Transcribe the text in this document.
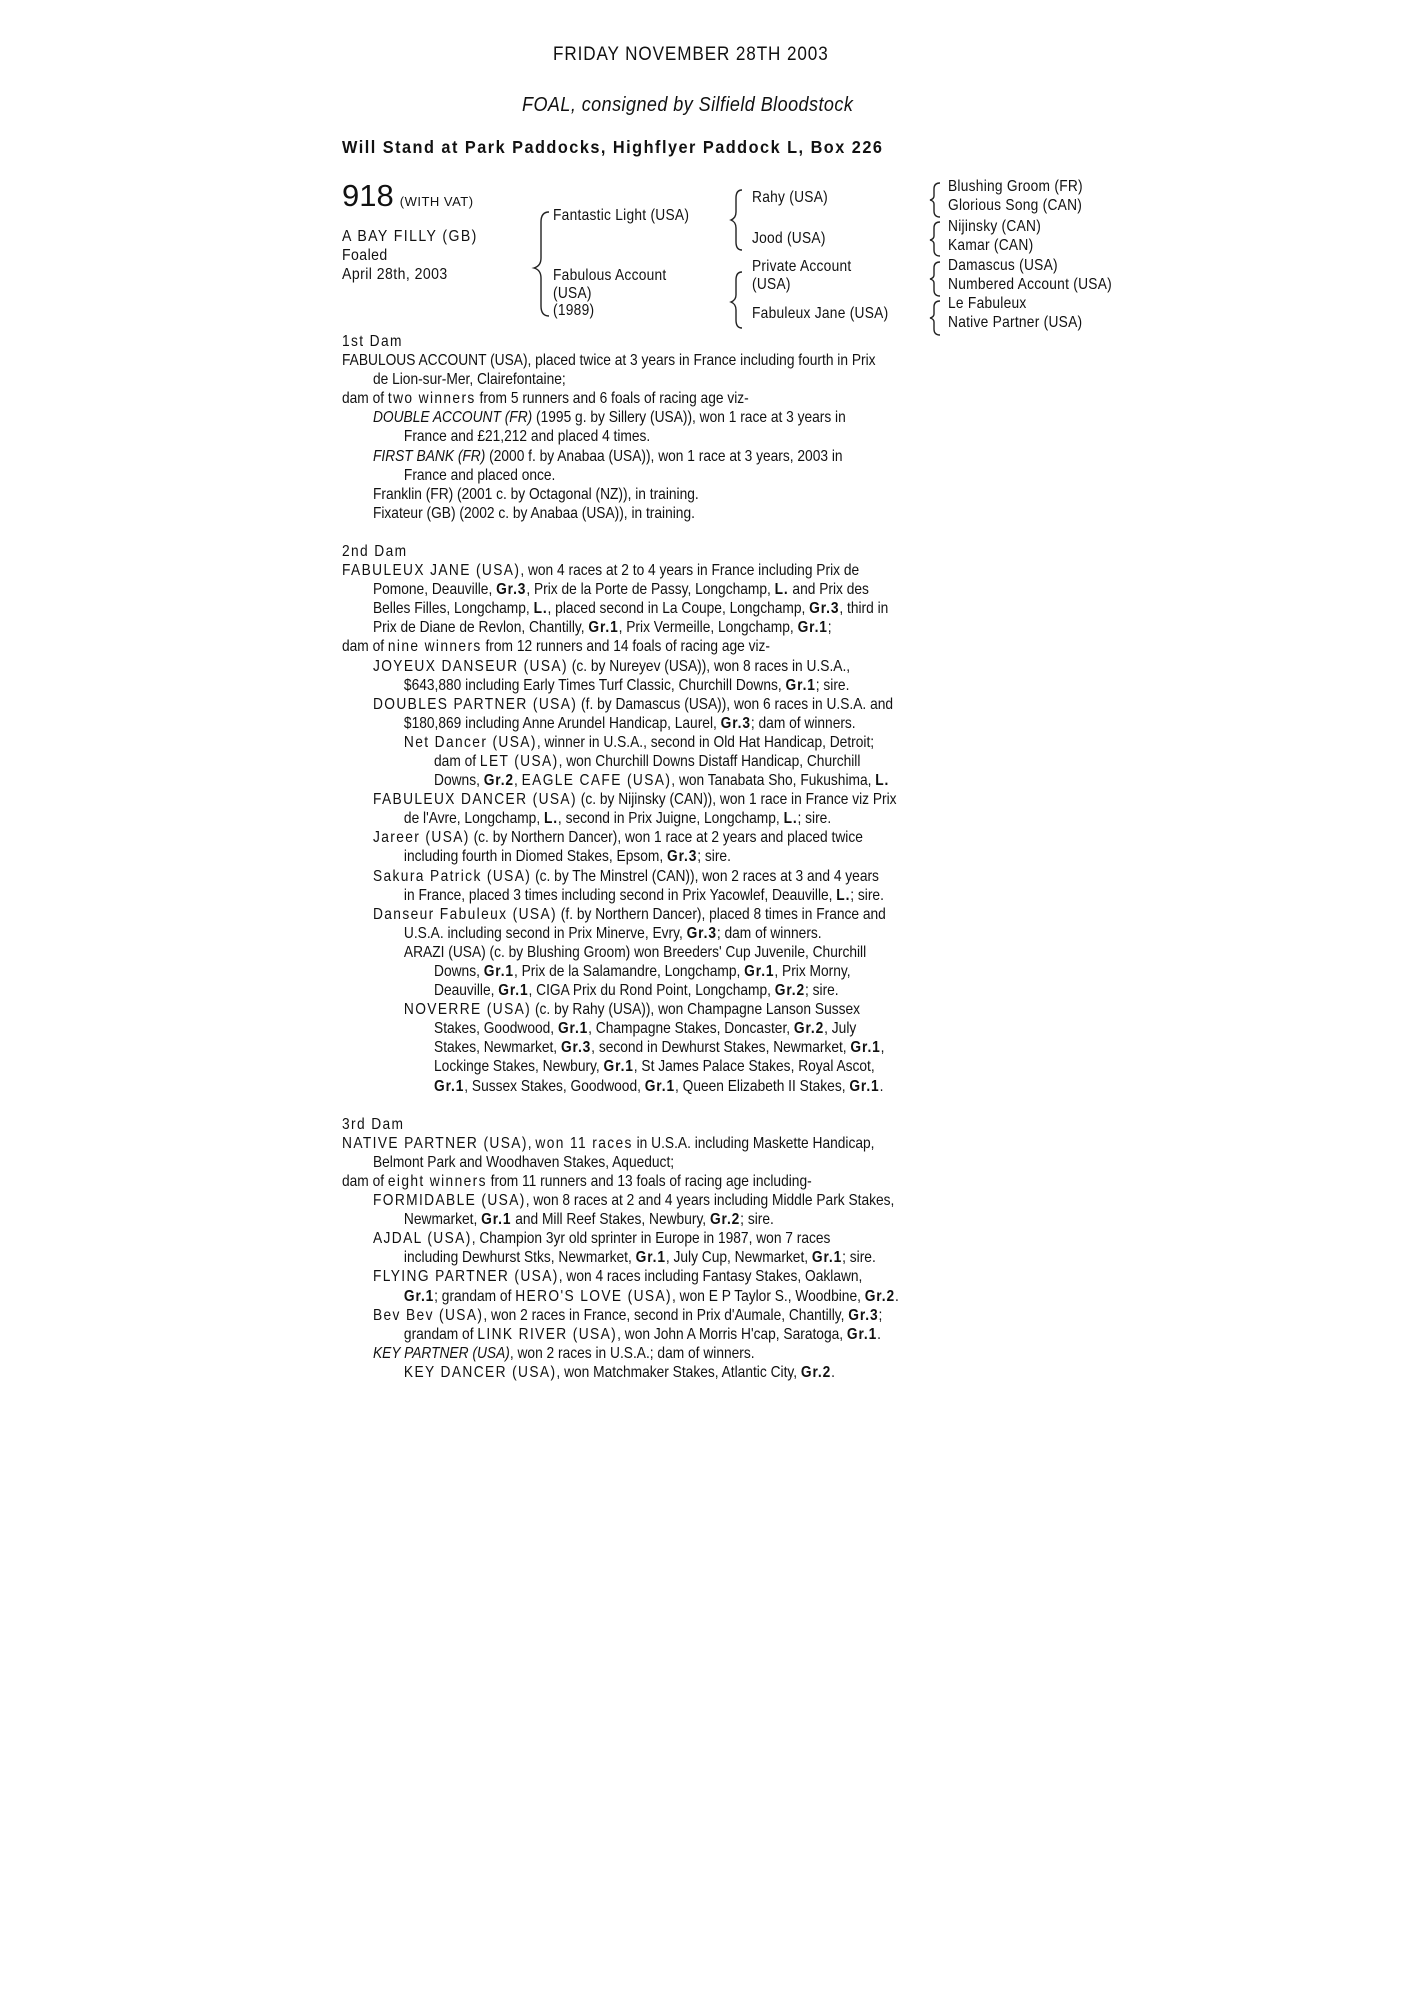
FRIDAY NOVEMBER 28TH 2003
FOAL, consigned by Silfield Bloodstock
Will Stand at Park Paddocks, Highflyer Paddock L, Box 226
918 (WITH VAT)
A BAY FILLY (GB)
Foaled
April 28th, 2003
Fantastic Light (USA)
Fabulous Account
(USA)
(1989)
Rahy (USA)
Jood (USA)
Private Account
(USA)
Fabuleux Jane (USA)
Blushing Groom (FR)
Glorious Song (CAN)
Nijinsky (CAN)
Kamar (CAN)
Damascus (USA)
Numbered Account (USA)
Le Fabuleux
Native Partner (USA)

1st Dam

FABULOUS ACCOUNT (USA), placed twice at 3 years in France including fourth in Prix

de Lion-sur-Mer, Clairefontaine;

dam of two winners from 5 runners and 6 foals of racing age viz-

DOUBLE ACCOUNT (FR) (1995 g. by Sillery (USA)), won 1 race at 3 years in

France and £21,212 and placed 4 times.

FIRST BANK (FR) (2000 f. by Anabaa (USA)), won 1 race at 3 years, 2003 in

France and placed once.

Franklin (FR) (2001 c. by Octagonal (NZ)), in training.

Fixateur (GB) (2002 c. by Anabaa (USA)), in training.

2nd Dam

FABULEUX JANE (USA), won 4 races at 2 to 4 years in France including Prix de

Pomone, Deauville, Gr.3, Prix de la Porte de Passy, Longchamp, L. and Prix des

Belles Filles, Longchamp, L., placed second in La Coupe, Longchamp, Gr.3, third in

Prix de Diane de Revlon, Chantilly, Gr.1, Prix Vermeille, Longchamp, Gr.1;

dam of nine winners from 12 runners and 14 foals of racing age viz-

JOYEUX DANSEUR (USA) (c. by Nureyev (USA)), won 8 races in U.S.A.,

$643,880 including Early Times Turf Classic, Churchill Downs, Gr.1; sire.

DOUBLES PARTNER (USA) (f. by Damascus (USA)), won 6 races in U.S.A. and

$180,869 including Anne Arundel Handicap, Laurel, Gr.3; dam of winners.

Net Dancer (USA), winner in U.S.A., second in Old Hat Handicap, Detroit;

dam of LET (USA), won Churchill Downs Distaff Handicap, Churchill

Downs, Gr.2, EAGLE CAFE (USA), won Tanabata Sho, Fukushima, L.

FABULEUX DANCER (USA) (c. by Nijinsky (CAN)), won 1 race in France viz Prix

de l'Avre, Longchamp, L., second in Prix Juigne, Longchamp, L.; sire.

Jareer (USA) (c. by Northern Dancer), won 1 race at 2 years and placed twice

including fourth in Diomed Stakes, Epsom, Gr.3; sire.

Sakura Patrick (USA) (c. by The Minstrel (CAN)), won 2 races at 3 and 4 years

in France, placed 3 times including second in Prix Yacowlef, Deauville, L.; sire.

Danseur Fabuleux (USA) (f. by Northern Dancer), placed 8 times in France and

U.S.A. including second in Prix Minerve, Evry, Gr.3; dam of winners.

ARAZI (USA) (c. by Blushing Groom) won Breeders' Cup Juvenile, Churchill

Downs, Gr.1, Prix de la Salamandre, Longchamp, Gr.1, Prix Morny,

Deauville, Gr.1, CIGA Prix du Rond Point, Longchamp, Gr.2; sire.

NOVERRE (USA) (c. by Rahy (USA)), won Champagne Lanson Sussex

Stakes, Goodwood, Gr.1, Champagne Stakes, Doncaster, Gr.2, July

Stakes, Newmarket, Gr.3, second in Dewhurst Stakes, Newmarket, Gr.1,

Lockinge Stakes, Newbury, Gr.1, St James Palace Stakes, Royal Ascot,

Gr.1, Sussex Stakes, Goodwood, Gr.1, Queen Elizabeth II Stakes, Gr.1.

3rd Dam

NATIVE PARTNER (USA), won 11 races in U.S.A. including Maskette Handicap,

Belmont Park and Woodhaven Stakes, Aqueduct;

dam of eight winners from 11 runners and 13 foals of racing age including-

FORMIDABLE (USA), won 8 races at 2 and 4 years including Middle Park Stakes,

Newmarket, Gr.1 and Mill Reef Stakes, Newbury, Gr.2; sire.

AJDAL (USA), Champion 3yr old sprinter in Europe in 1987, won 7 races

including Dewhurst Stks, Newmarket, Gr.1, July Cup, Newmarket, Gr.1; sire.

FLYING PARTNER (USA), won 4 races including Fantasy Stakes, Oaklawn,

Gr.1; grandam of HERO'S LOVE (USA), won E P Taylor S., Woodbine, Gr.2.

Bev Bev (USA), won 2 races in France, second in Prix d'Aumale, Chantilly, Gr.3;

grandam of LINK RIVER (USA), won John A Morris H'cap, Saratoga, Gr.1.

KEY PARTNER (USA), won 2 races in U.S.A.; dam of winners.

KEY DANCER (USA), won Matchmaker Stakes, Atlantic City, Gr.2.
